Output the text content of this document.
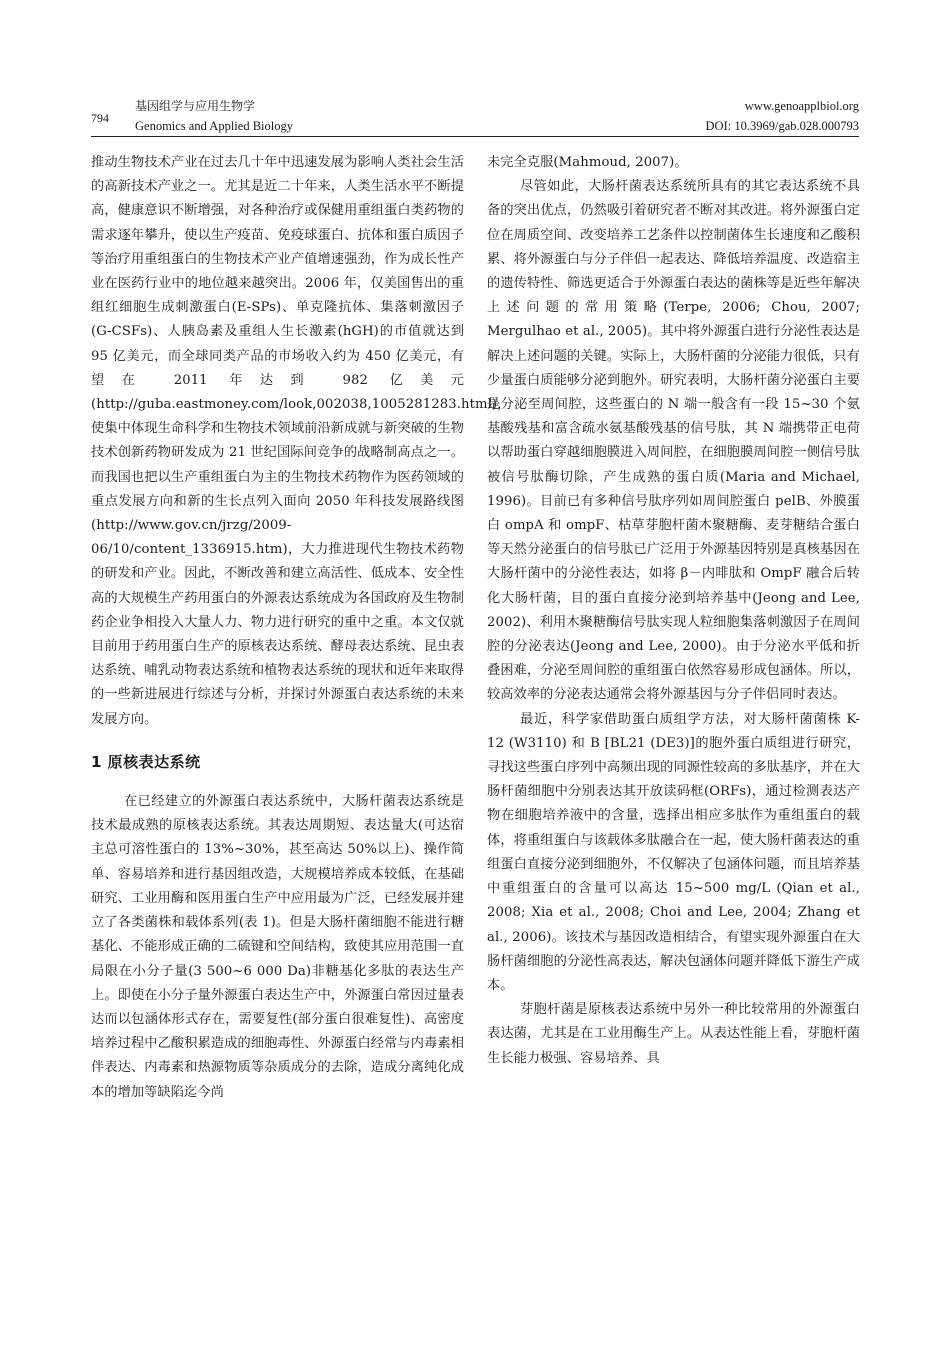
794
基因组学与应用生物学
Genomics and Applied Biology
www.genoapplbiol.org
DOI: 10.3969/gab.028.000793

推动生物技术产业在过去几十年中迅速发展为影响人类社会生活的高新技术产业之一。尤其是近二十年来，人类生活水平不断提高，健康意识不断增强，对各种治疗或保健用重组蛋白类药物的需求逐年攀升，使以生产疫苗、免疫球蛋白、抗体和蛋白质因子等治疗用重组蛋白的生物技术产业产值增速强劲，作为成长性产业在医药行业中的地位越来越突出。2006 年，仅美国售出的重组红细胞生成刺激蛋白(E-SPs)、单克隆抗体、集落刺激因子(G-CSFs)、人胰岛素及重组人生长激素(hGH)的市值就达到 95 亿美元，而全球同类产品的市场收入约为 450 亿美元，有望在 2011 年达到 982 亿美元(http://guba.eastmoney.com/look,002038,1005281283.html)，使集中体现生命科学和生物技术领域前沿新成就与新突破的生物技术创新药物研发成为 21 世纪国际间竞争的战略制高点之一。而我国也把以生产重组蛋白为主的生物技术药物作为医药领域的重点发展方向和新的生长点列入面向 2050 年科技发展路线图(http://www.gov.cn/jrzg/2009-06/10/content_1336915.htm)，大力推进现代生物技术药物的研发和产业。因此，不断改善和建立高活性、低成本、安全性高的大规模生产药用蛋白的外源表达系统成为各国政府及生物制药企业争相投入大量人力、物力进行研究的重中之重。本文仅就目前用于药用蛋白生产的原核表达系统、酵母表达系统、昆虫表达系统、哺乳动物表达系统和植物表达系统的现状和近年来取得的一些新进展进行综述与分析，并探讨外源蛋白表达系统的未来发展方向。

1 原核表达系统

在已经建立的外源蛋白表达系统中，大肠杆菌表达系统是技术最成熟的原核表达系统。其表达周期短、表达量大(可达宿主总可溶性蛋白的 13%~30%，甚至高达 50%以上)、操作简单、容易培养和进行基因组改造，大规模培养成本较低，在基础研究、工业用酶和医用蛋白生产中应用最为广泛，已经发展并建立了各类菌株和载体系列(表 1)。但是大肠杆菌细胞不能进行糖基化、不能形成正确的二硫键和空间结构，致使其应用范围一直局限在小分子量(3 500~6 000 Da)非糖基化多肽的表达生产上。即使在小分子量外源蛋白表达生产中，外源蛋白常因过量表达而以包涵体形式存在，需要复性(部分蛋白很难复性)、高密度培养过程中乙酸积累造成的细胞毒性、外源蛋白经常与内毒素相伴表达、内毒素和热源物质等杂质成分的去除，造成分离纯化成本的增加等缺陷迄今尚

未完全克服(Mahmoud, 2007)。

尽管如此，大肠杆菌表达系统所具有的其它表达系统不具备的突出优点，仍然吸引着研究者不断对其改进。将外源蛋白定位在周质空间、改变培养工艺条件以控制菌体生长速度和乙酸积累、将外源蛋白与分子伴侣一起表达、降低培养温度、改造宿主的遗传特性、筛选更适合于外源蛋白表达的菌株等是近些年解决上述问题的常用策略(Terpe, 2006; Chou, 2007; Mergulhao et al., 2005)。其中将外源蛋白进行分泌性表达是解决上述问题的关键。实际上，大肠杆菌的分泌能力很低，只有少量蛋白质能够分泌到胞外。研究表明，大肠杆菌分泌蛋白主要是分泌至周间腔，这些蛋白的 N 端一般含有一段 15~30 个氨基酸残基和富含疏水氨基酸残基的信号肽，其 N 端携带正电荷以帮助蛋白穿越细胞膜进入周间腔，在细胞膜周间腔一侧信号肽被信号肽酶切除，产生成熟的蛋白质(Maria and Michael, 1996)。目前已有多种信号肽序列如周间腔蛋白 pelB、外膜蛋白 ompA 和 ompF、枯草芽胞杆菌木聚糖酶、麦芽糖结合蛋白等天然分泌蛋白的信号肽已广泛用于外源基因特别是真核基因在大肠杆菌中的分泌性表达，如将 β－内啡肽和 OmpF 融合后转化大肠杆菌，目的蛋白直接分泌到培养基中(Jeong and Lee, 2002)、利用木聚糖酶信号肽实现人粒细胞集落刺激因子在周间腔的分泌表达(Jeong and Lee, 2000)。由于分泌水平低和折叠困难，分泌至周间腔的重组蛋白依然容易形成包涵体。所以，较高效率的分泌表达通常会将外源基因与分子伴侣同时表达。

最近，科学家借助蛋白质组学方法，对大肠杆菌菌株 K-12 (W3110) 和 B [BL21 (DE3)]的胞外蛋白质组进行研究，寻找这些蛋白序列中高频出现的同源性较高的多肽基序，并在大肠杆菌细胞中分别表达其开放读码框(ORFs)，通过检测表达产物在细胞培养液中的含量，选择出相应多肽作为重组蛋白的载体，将重组蛋白与该载体多肽融合在一起，使大肠杆菌表达的重组蛋白直接分泌到细胞外，不仅解决了包涵体问题，而且培养基中重组蛋白的含量可以高达 15~500 mg/L (Qian et al., 2008; Xia et al., 2008; Choi and Lee, 2004; Zhang et al., 2006)。该技术与基因改造相结合，有望实现外源蛋白在大肠杆菌细胞的分泌性高表达，解决包涵体问题并降低下游生产成本。

芽胞杆菌是原核表达系统中另外一种比较常用的外源蛋白表达菌，尤其是在工业用酶生产上。从表达性能上看，芽胞杆菌生长能力极强、容易培养、具
